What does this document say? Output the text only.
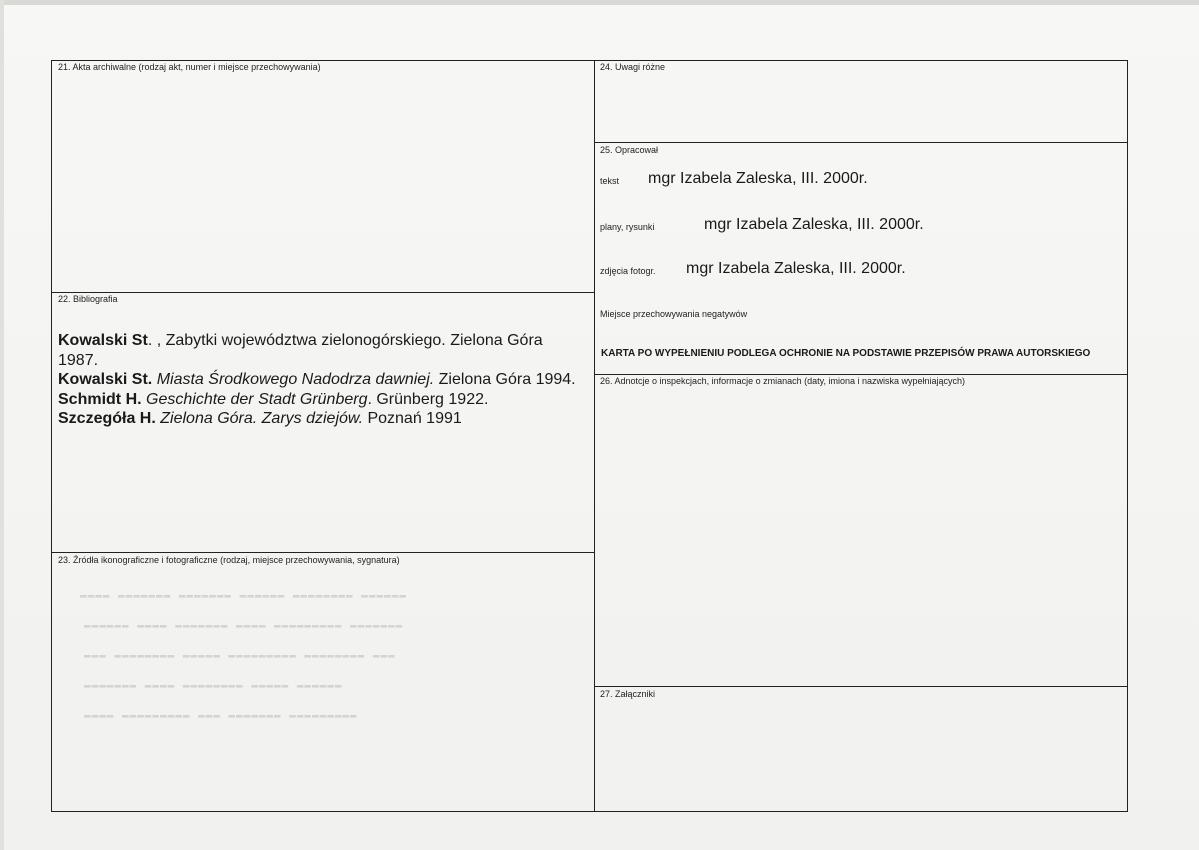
▬▬▬▬ ▬▬▬▬▬▬▬ ▬▬▬▬▬▬▬ ▬▬▬▬▬▬ ▬▬▬▬▬▬▬▬ ▬▬▬▬▬▬
▬▬▬▬▬▬ ▬▬▬▬ ▬▬▬▬▬▬▬ ▬▬▬▬ ▬▬▬▬▬▬▬▬▬ ▬▬▬▬▬▬▬
▬▬▬ ▬▬▬▬▬▬▬▬ ▬▬▬▬▬ ▬▬▬▬▬▬▬▬▬ ▬▬▬▬▬▬▬▬ ▬▬▬
▬▬▬▬▬▬▬ ▬▬▬▬ ▬▬▬▬▬▬▬▬ ▬▬▬▬▬ ▬▬▬▬▬▬
▬▬▬▬ ▬▬▬▬▬▬▬▬▬ ▬▬▬ ▬▬▬▬▬▬▬ ▬▬▬▬▬▬▬▬▬
21. Akta archiwalne (rodzaj akt, numer i miejsce przechowywania)
22. Bibliografia

Kowalski St. , Zabytki województwa zielonogórskiego. Zielona Góra 1987.

Kowalski St. Miasta Środkowego Nadodrza dawniej. Zielona Góra 1994.

Schmidt H. Geschichte der Stadt Grünberg. Grünberg 1922.

Szczegóła H. Zielona Góra. Zarys dziejów. Poznań 1991

23. Źródła ikonograficzne i fotograficzne (rodzaj, miejsce przechowywania, sygnatura)
24. Uwagi różne
25. Opracował
tekst mgr Izabela Zaleska, III. 2000r.
plany, rysunki	mgr Izabela Zaleska, III. 2000r.
zdjęcia fotogr. mgr Izabela Zaleska, III. 2000r.
Miejsce przechowywania negatywów
KARTA PO WYPEŁNIENIU PODLEGA OCHRONIE NA PODSTAWIE PRZEPISÓW PRAWA AUTORSKIEGO
26. Adnotcje o inspekcjach, informacje o zmianach (daty, imiona i nazwiska wypełniających)
27. Załączniki
